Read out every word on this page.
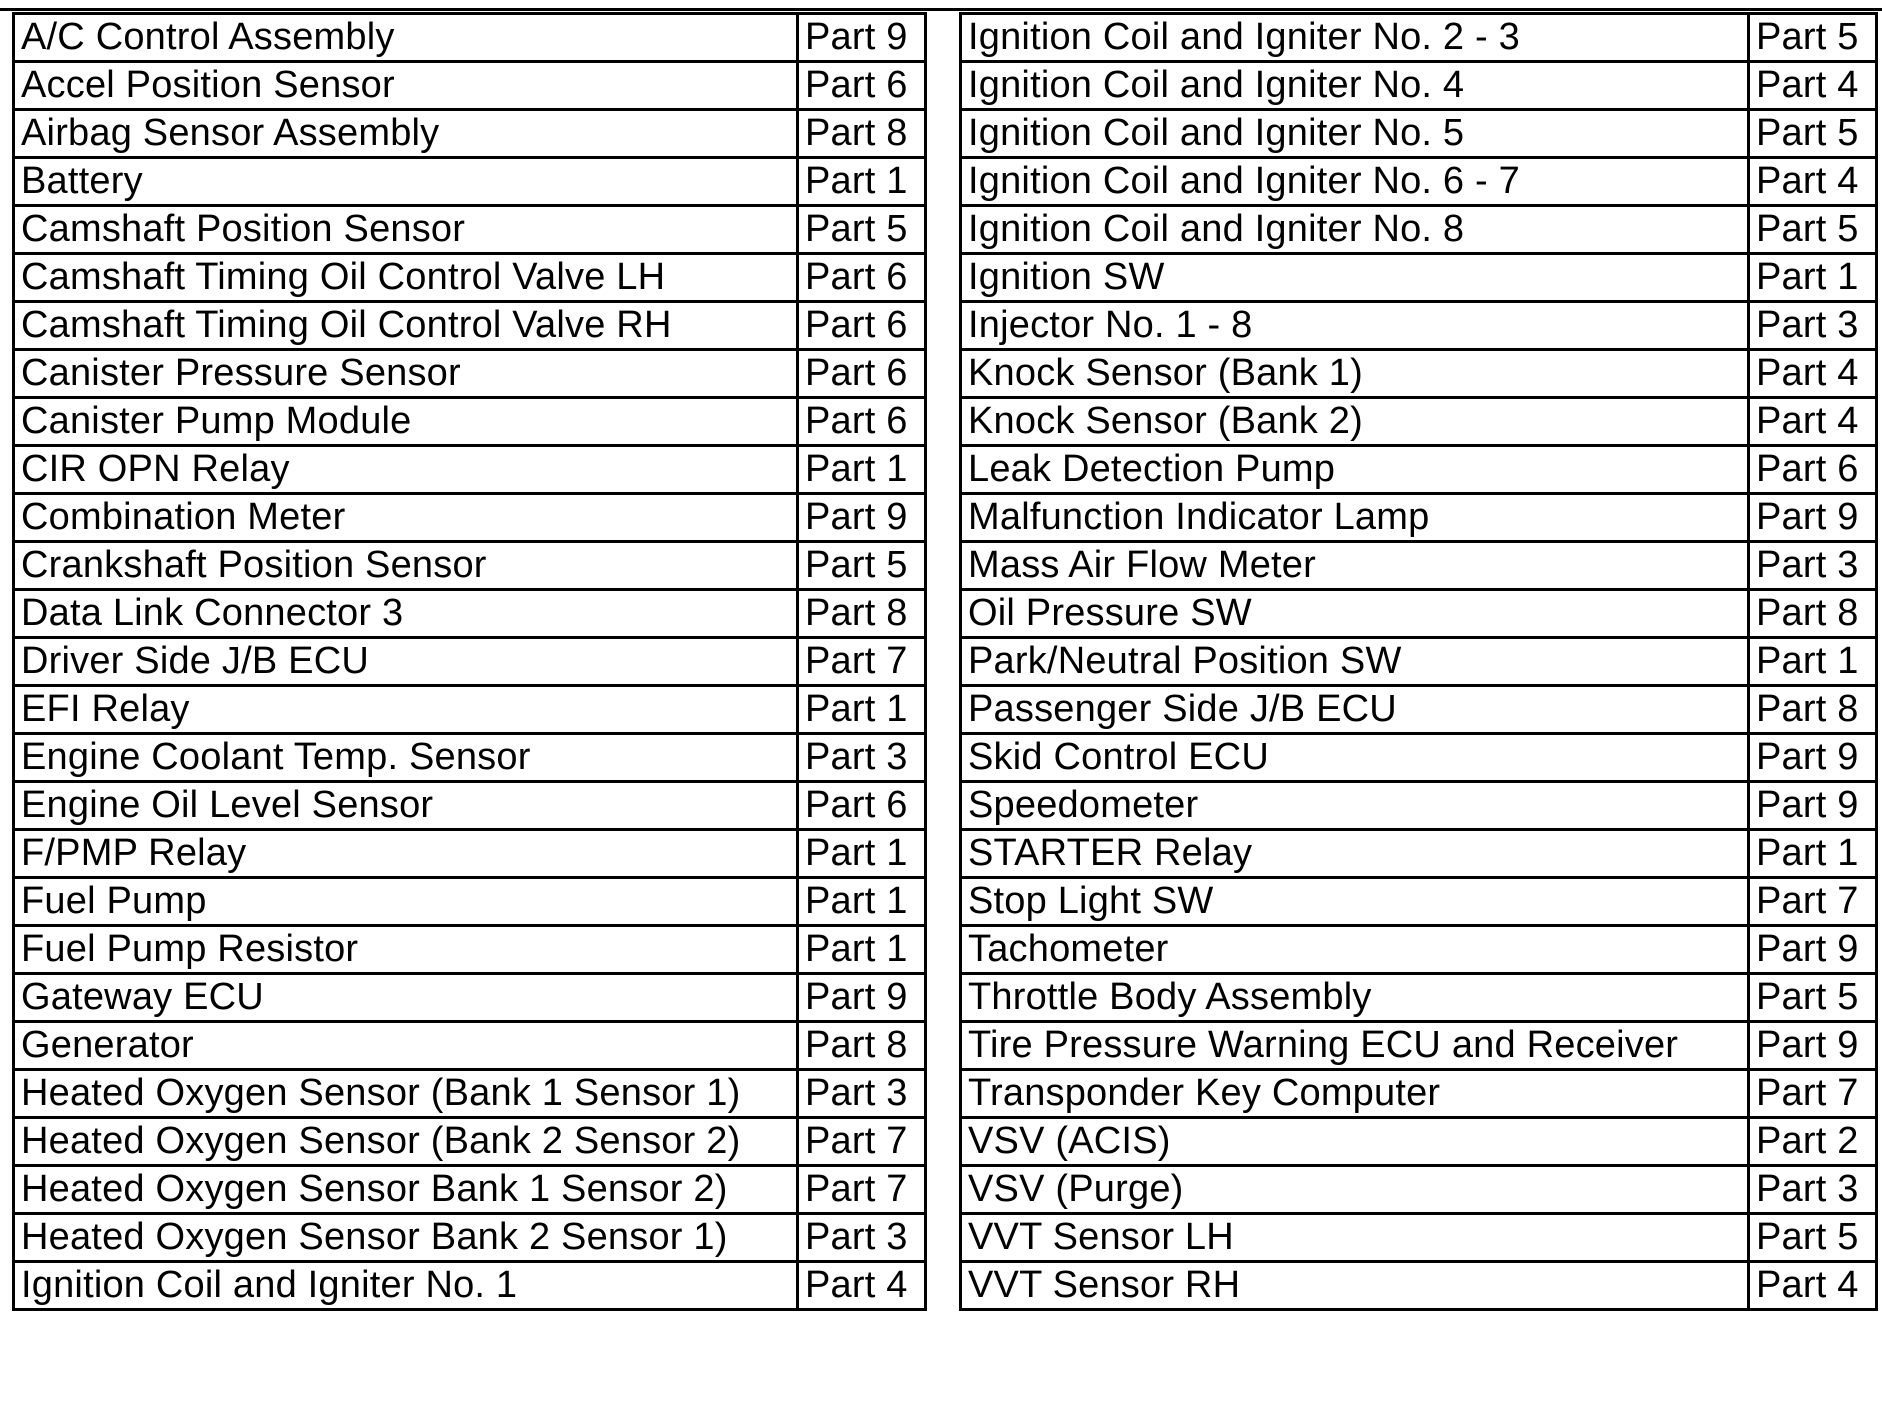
A/C Control Assembly	Part 9
Accel Position Sensor	Part 6
Airbag Sensor Assembly	Part 8
Battery	Part 1
Camshaft Position Sensor	Part 5
Camshaft Timing Oil Control Valve LH	Part 6
Camshaft Timing Oil Control Valve RH	Part 6
Canister Pressure Sensor	Part 6
Canister Pump Module	Part 6
CIR OPN Relay	Part 1
Combination Meter	Part 9
Crankshaft Position Sensor	Part 5
Data Link Connector 3	Part 8
Driver Side J/B ECU	Part 7
EFI Relay	Part 1
Engine Coolant Temp. Sensor	Part 3
Engine Oil Level Sensor	Part 6
F/PMP Relay	Part 1
Fuel Pump	Part 1
Fuel Pump Resistor	Part 1
Gateway ECU	Part 9
Generator	Part 8
Heated Oxygen Sensor (Bank 1 Sensor 1)	Part 3
Heated Oxygen Sensor (Bank 2 Sensor 2)	Part 7
Heated Oxygen Sensor Bank 1 Sensor 2)	Part 7
Heated Oxygen Sensor Bank 2 Sensor 1)	Part 3
Ignition Coil and Igniter No. 1	Part 4
Ignition Coil and Igniter No. 2 - 3	Part 5
Ignition Coil and Igniter No. 4	Part 4
Ignition Coil and Igniter No. 5	Part 5
Ignition Coil and Igniter No. 6 - 7	Part 4
Ignition Coil and Igniter No. 8	Part 5
Ignition SW	Part 1
Injector No. 1 - 8	Part 3
Knock Sensor (Bank 1)	Part 4
Knock Sensor (Bank 2)	Part 4
Leak Detection Pump	Part 6
Malfunction Indicator Lamp	Part 9
Mass Air Flow Meter	Part 3
Oil Pressure SW	Part 8
Park/Neutral Position SW	Part 1
Passenger Side J/B ECU	Part 8
Skid Control ECU	Part 9
Speedometer	Part 9
STARTER Relay	Part 1
Stop Light SW	Part 7
Tachometer	Part 9
Throttle Body Assembly	Part 5
Tire Pressure Warning ECU and Receiver	Part 9
Transponder Key Computer	Part 7
VSV (ACIS)	Part 2
VSV (Purge)	Part 3
VVT Sensor LH	Part 5
VVT Sensor RH	Part 4
